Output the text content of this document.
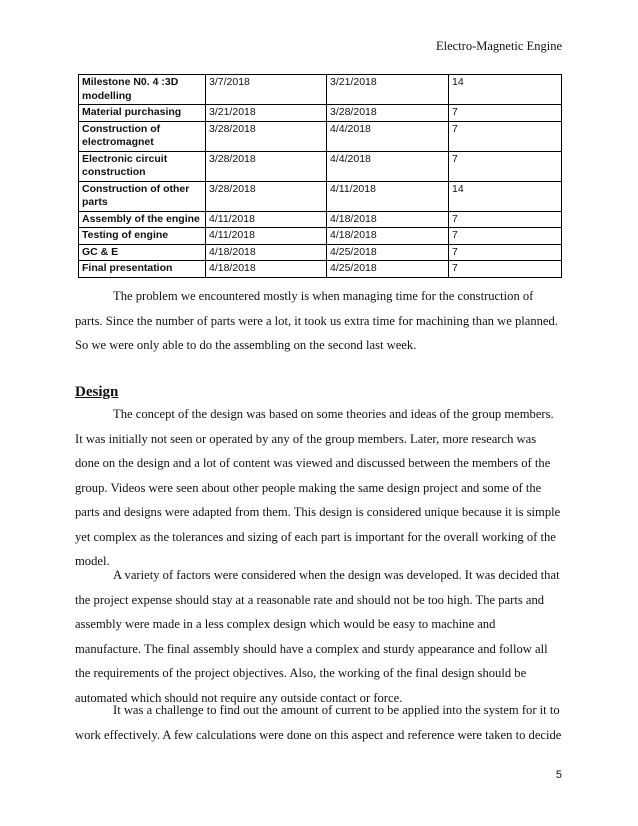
Electro-Magnetic Engine
Milestone N0. 4 :3D modelling	3/7/2018	3/21/2018	14
Material purchasing	3/21/2018	3/28/2018	7
Construction of electromagnet	3/28/2018	4/4/2018	7
Electronic circuit construction	3/28/2018	4/4/2018	7
Construction of other parts	3/28/2018	4/11/2018	14
Assembly of the engine	4/11/2018	4/18/2018	7
Testing of engine	4/11/2018	4/18/2018	7
GC & E	4/18/2018	4/25/2018	7
Final presentation	4/18/2018	4/25/2018	7

The problem we encountered mostly is when managing time for the construction of parts. Since the number of parts were a lot, it took us extra time for machining than we planned. So we were only able to do the assembling on the second last week.

Design

The concept of the design was based on some theories and ideas of the group members. It was initially not seen or operated by any of the group members. Later, more research was done on the design and a lot of content was viewed and discussed between the members of the group. Videos were seen about other people making the same design project and some of the parts and designs were adapted from them. This design is considered unique because it is simple yet complex as the tolerances and sizing of each part is important for the overall working of the model.

A variety of factors were considered when the design was developed. It was decided that the project expense should stay at a reasonable rate and should not be too high. The parts and assembly were made in a less complex design which would be easy to machine and manufacture. The final assembly should have a complex and sturdy appearance and follow all the requirements of the project objectives. Also, the working of the final design should be automated which should not require any outside contact or force.

It was a challenge to find out the amount of current to be applied into the system for it to work effectively. A few calculations were done on this aspect and reference were taken to decide

5
